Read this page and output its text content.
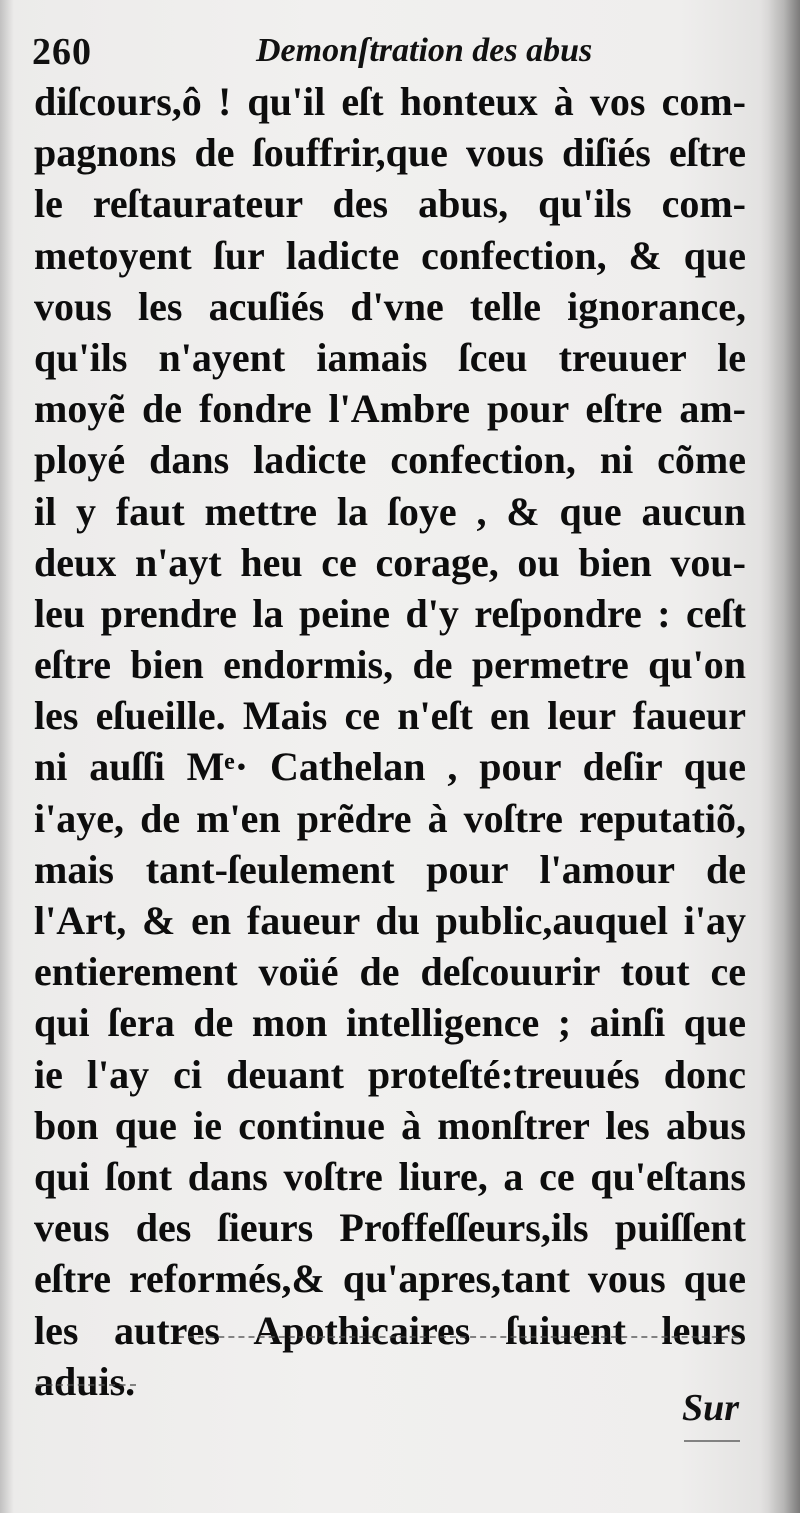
260	Demonſtration des abus
diſcours,ô ! qu'il eſt honteux à vos com-
pagnons de ſouffrir,que vous diſiés eſtre
le reſtaurateur des abus, qu'ils com-
metoyent ſur ladicte confection, & que
vous les acuſiés d'vne telle ignorance,
qu'ils n'ayent iamais ſceu treuuer le
moyẽ de fondre l'Ambre pour eſtre am-
ployé dans ladicte confection, ni cõme
il y faut mettre la ſoye , & que aucun
deux n'ayt heu ce corage, ou bien vou-
leu prendre la peine d'y reſpondre : ceſt
eſtre bien endormis, de permetre qu'on
les eſueille. Mais ce n'eſt en leur faueur
ni auſſi Mᵉ· Cathelan , pour deſir que
i'aye, de m'en prẽdre à voſtre reputatiõ,
mais tant-ſeulement pour l'amour de
l'Art, & en faueur du public,auquel i'ay
entierement voüé de deſcouurir tout ce
qui ſera de mon intelligence ; ainſi que
ie l'ay ci deuant proteſté:treuués donc
bon que ie continue à monſtrer les abus
qui ſont dans voſtre liure, a ce qu'eſtans
veus des ſieurs Proffeſſeurs,ils puiſſent
eſtre reformés,& qu'apres,tant vous que
les autres Apothicaires ſuiuent leurs
aduis.
Sur
